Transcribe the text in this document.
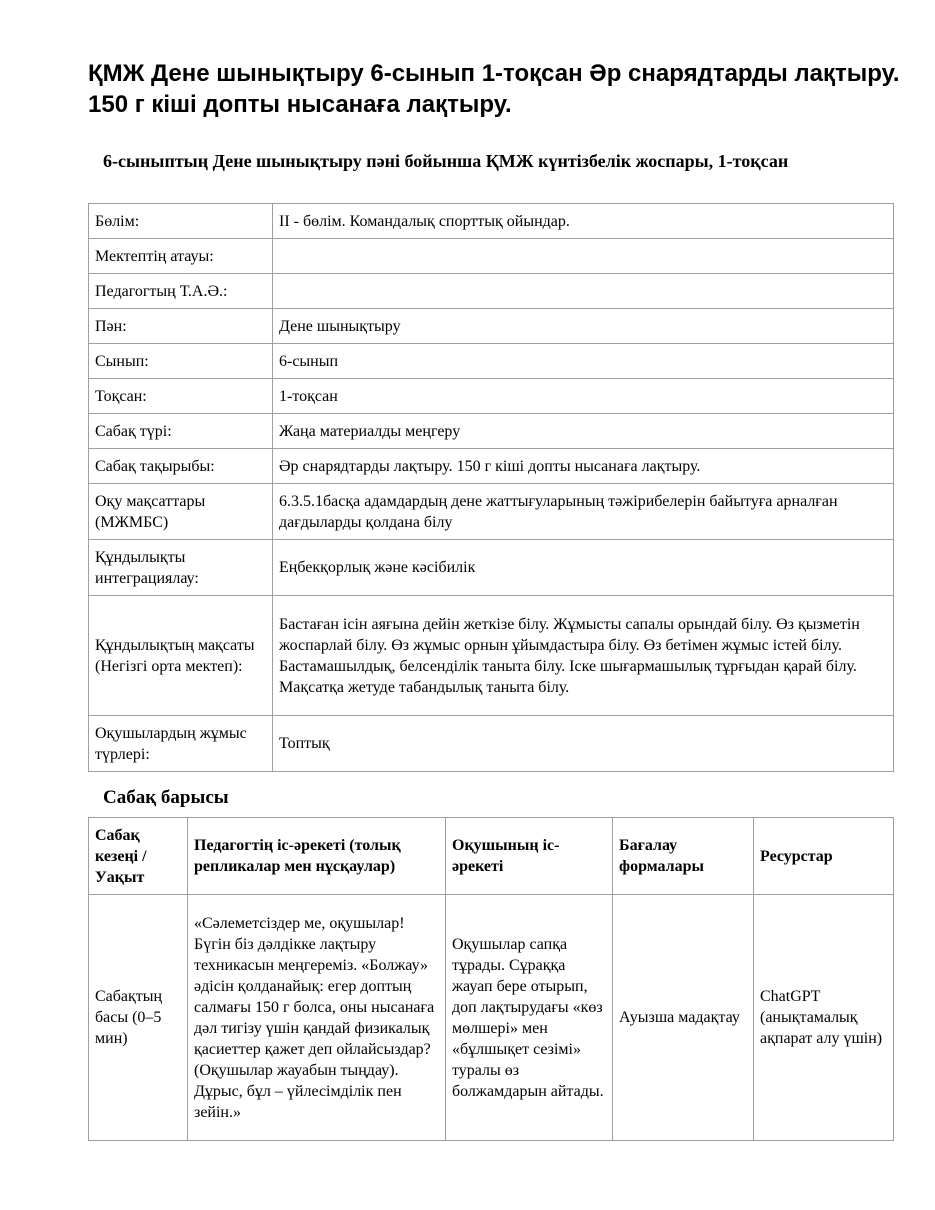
ҚМЖ Дене шынықтыру 6-сынып 1-тоқсан Әр снарядтарды лақтыру. 150 г кіші допты нысанаға лақтыру.
6-сыныптың Дене шынықтыру пәні бойынша ҚМЖ күнтізбелік жоспары, 1-тоқсан
Бөлім:	ІІ - бөлім. Командалық спорттық ойындар.
Мектептің атауы:	
Педагогтың Т.А.Ә.:	
Пән:	Дене шынықтыру
Сынып:	6-сынып
Тоқсан:	1-тоқсан
Сабақ түрі:	Жаңа материалды меңгеру
Сабақ тақырыбы:	Әр снарядтарды лақтыру. 150 г кіші допты нысанаға лақтыру.
Оқу мақсаттары (МЖМБС)	6.3.5.1басқа адамдардың дене жаттығуларының тәжірибелерін байытуға арналған дағдыларды қолдана білу
Құндылықты интеграциялау:	Еңбекқорлық және кәсібилік
Құндылықтың мақсаты (Негізгі орта мектеп):	Бастаған ісін аяғына дейін жеткізе білу. Жұмысты сапалы орындай білу. Өз қызметін жоспарлай білу. Өз жұмыс орнын ұйымдастыра білу. Өз бетімен жұмыс істей білу. Бастамашылдық, белсенділік таныта білу. Іске шығармашылық тұрғыдан қарай білу. Мақсатқа жетуде табандылық таныта білу.
Оқушылардың жұмыс түрлері:	Топтық
Сабақ барысы
Сабақ кезеңі / Уақыт	Педагогтің іс-әрекеті (толық репликалар мен нұсқаулар)	Оқушының іс-әрекеті	Бағалау формалары	Ресурстар
Сабақтың басы (0–5 мин)	«Сәлеметсіздер ме, оқушылар! Бүгін біз дәлдікке лақтыру техникасын меңгереміз. «Болжау» әдісін қолданайық: егер доптың салмағы 150 г болса, оны нысанаға дәл тигізу үшін қандай физикалық қасиеттер қажет деп ойлайсыздар? (Оқушылар жауабын тыңдау). Дұрыс, бұл – үйлесімділік пен зейін.»	Оқушылар сапқа тұрады. Сұраққа жауап бере отырып, доп лақтырудағы «көз мөлшері» мен «бұлшықет сезімі» туралы өз болжамдарын айтады.	Ауызша мадақтау	ChatGPT (анықтамалық ақпарат алу үшін)
